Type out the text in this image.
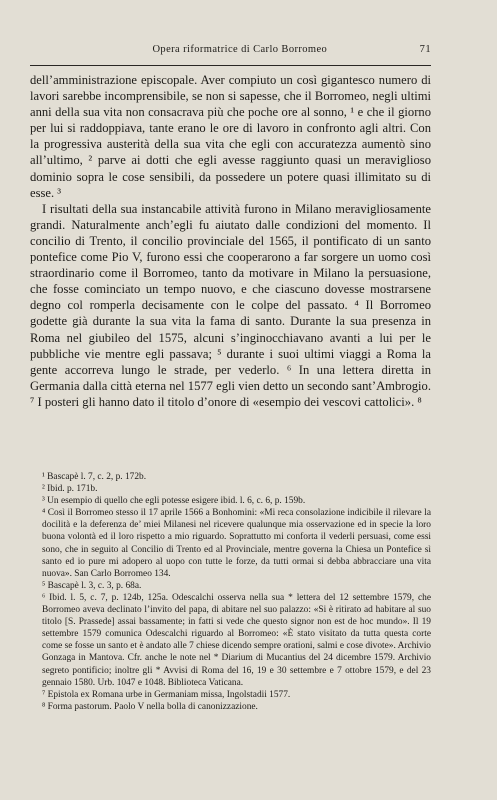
Opera riformatrice di Carlo Borromeo	71

dell’amministrazione episcopale. Aver compiuto un così gigantesco numero di lavori sarebbe incomprensibile, se non si sapesse, che il Borromeo, negli ultimi anni della sua vita non consacrava più che poche ore al sonno, ¹ e che il giorno per lui si raddoppiava, tante erano le ore di lavoro in confronto agli altri. Con la progressiva austerità della sua vita che egli con accuratezza aumentò sino all’ultimo, ² parve ai dotti che egli avesse raggiunto quasi un meraviglioso dominio sopra le cose sensibili, da possedere un potere quasi illimitato su di esse. ³

I risultati della sua instancabile attività furono in Milano meravigliosamente grandi. Naturalmente anch’egli fu aiutato dalle condizioni del momento. Il concilio di Trento, il concilio provinciale del 1565, il pontificato di un santo pontefice come Pio V, furono essi che cooperarono a far sorgere un uomo così straordinario come il Borromeo, tanto da motivare in Milano la persuasione, che fosse cominciato un tempo nuovo, e che ciascuno dovesse mostrarsene degno col romperla decisamente con le colpe del passato. ⁴ Il Borromeo godette già durante la sua vita la fama di santo. Durante la sua presenza in Roma nel giubileo del 1575, alcuni s’inginocchiavano avanti a lui per le pubbliche vie mentre egli passava; ⁵ durante i suoi ultimi viaggi a Roma la gente accorreva lungo le strade, per vederlo. ⁶ In una lettera diretta in Germania dalla città eterna nel 1577 egli vien detto un secondo sant’Ambrogio. ⁷ I posteri gli hanno dato il titolo d’onore di «esempio dei vescovi cattolici». ⁸

¹ Bascapè l. 7, c. 2, p. 172b.

² Ibid. p. 171b.

³ Un esempio di quello che egli potesse esigere ibid. l. 6, c. 6, p. 159b.

⁴ Così il Borromeo stesso il 17 aprile 1566 a Bonhomini: «Mi reca consolazione indicibile il rilevare la docilità e la deferenza de’ miei Milanesi nel ricevere qualunque mia osservazione ed in specie la loro buona volontà ed il loro rispetto a mio riguardo. Soprattutto mi conforta il vederli persuasi, come essi sono, che in seguito al Concilio di Trento ed al Provinciale, mentre governa la Chiesa un Pontefice sì santo ed io pure mi adopero al uopo con tutte le forze, da tutti ormai si debba abbracciare una vita nuova». San Carlo Borromeo 134.

⁵ Bascapè l. 3, c. 3, p. 68a.

⁶ Ibid. l. 5, c. 7, p. 124b, 125a. Odescalchi osserva nella sua * lettera del 12 settembre 1579, che Borromeo aveva declinato l’invito del papa, di abitare nel suo palazzo: «Si è ritirato ad habitare al suo titolo [S. Prassede] assai bassamente; in fatti si vede che questo signor non est de hoc mundo». Il 19 settembre 1579 comunica Odescalchi riguardo al Borromeo: «È stato visitato da tutta questa corte come se fosse un santo et è andato alle 7 chiese dicendo sempre orationi, salmi e cose divote». Archivio Gonzaga in Mantova. Cfr. anche le note nel * Diarium di Mucantius del 24 dicembre 1579. Archivio segreto pontificio; inoltre gli * Avvisi di Roma del 16, 19 e 30 settembre e 7 ottobre 1579, e del 23 gennaio 1580. Urb. 1047 e 1048. Biblioteca Vaticana.

⁷ Epistola ex Romana urbe in Germaniam missa, Ingolstadii 1577.

⁸ Forma pastorum. Paolo V nella bolla di canonizzazione.
